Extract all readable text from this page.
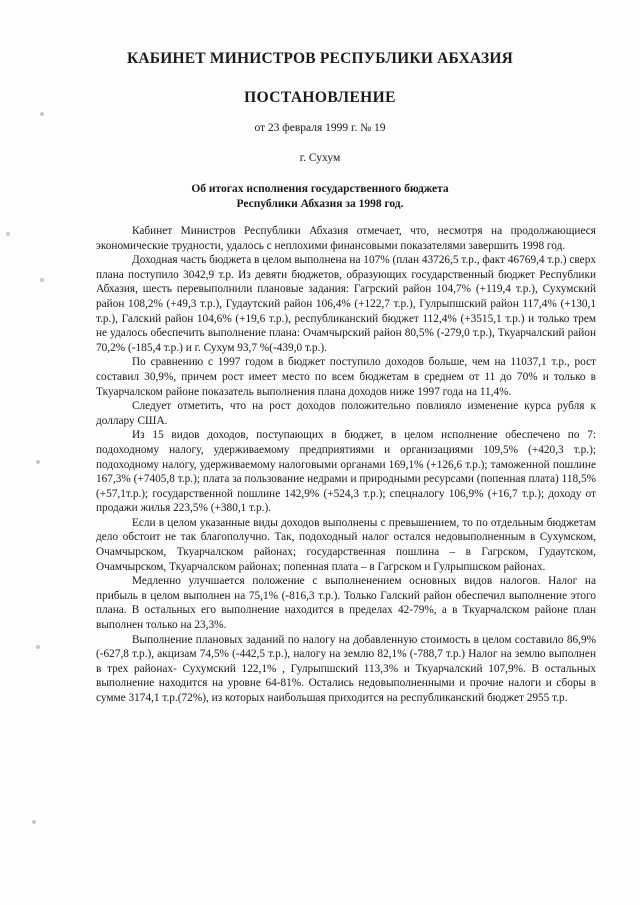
КАБИНЕТ МИНИСТРОВ РЕСПУБЛИКИ АБХАЗИЯ
ПОСТАНОВЛЕНИЕ
от 23 февраля 1999 г. № 19
г. Сухум
Об итогах исполнения государственного бюджета
Республики Абхазия за 1998 год.

Кабинет Министров Республики Абхазия отмечает, что, несмотря на продолжающиеся экономические трудности, удалось с неплохими финансовыми показателями завершить 1998 год.

Доходная часть бюджета в целом выполнена на 107% (план 43726,5 т.р., факт 46769,4 т.р.) сверх плана поступило 3042,9 т.р. Из девяти бюджетов, образующих государственный бюджет Республики Абхазия, шесть перевыполнили плановые задания: Гагрский район 104,7% (+119,4 т.р.), Сухумский район 108,2% (+49,3 т.р.), Гудаутский район 106,4% (+122,7 т.р.), Гулрыпшский район 117,4% (+130,1 т.р.), Галский район 104,6% (+19,6 т.р.), республиканский бюджет 112,4% (+3515,1 т.р.) и только трем не удалось обеспечить выполнение плана: Очамчырский район 80,5% (-279,0 т.р.), Ткуарчалский район 70,2% (-185,4 т.р.) и г. Сухум 93,7 %(-439,0 т.р.).

По сравнению с 1997 годом в бюджет поступило доходов больше, чем на 11037,1 т.р., рост составил 30,9%, причем рост имеет место по всем бюджетам в среднем от 11 до 70% и только в Ткуарчалском районе показатель выполнения плана доходов ниже 1997 года на 11,4%.

Следует отметить, что на рост доходов положительно повлияло изменение курса рубля к доллару США.

Из 15 видов доходов, поступающих в бюджет, в целом исполнение обеспечено по 7: подоходному налогу, удерживаемому предприятиями и организациями 109,5% (+420,3 т.р.); подоходному налогу, удерживаемому налоговыми органами 169,1% (+126,6 т.р.); таможенной пошлине 167,3% (+7405,8 т.р.); плата за пользование недрами и природными ресурсами (попенная плата) 118,5% (+57,1т.р.); государственной пошлине 142,9% (+524,3 т.р.); спецналогу 106,9% (+16,7 т.р.); доходу от продажи жилья 223,5% (+380,1 т.р.).

Если в целом указанные виды доходов выполнены с превышением, то по отдельным бюджетам дело обстоит не так благополучно. Так, подоходный налог остался недовыполненным в Сухумском, Очамчырском, Ткуарчалском районах; государственная пошлина – в Гагрском, Гудаутском, Очамчырском, Ткуарчалском районах; попенная плата – в Гагрском и Гулрыпшском районах.

Медленно улучшается положение с выполненением основных видов налогов. Налог на прибыль в целом выполнен на 75,1% (-816,3 т.р.). Только Галский район обеспечил выполнение этого плана. В остальных его выполнение находится в пределах 42-79%, а в Ткуарчалском районе план выполнен только на 23,3%.

Выполнение плановых заданий по налогу на добавленную стоимость в целом составило 86,9% (-627,8 т.р.), акцизам 74,5% (-442,5 т.р.), налогу на землю 82,1% (-788,7 т.р.) Налог на землю выполнен в трех районах- Сухумский 122,1% , Гулрыпшский 113,3% и Ткуарчалский 107,9%. В остальных выполнение находится на уровне 64-81%. Остались недовыполненными и прочие налоги и сборы в сумме 3174,1 т.р.(72%), из которых наибольшая приходится на республиканский бюджет 2955 т.р.
